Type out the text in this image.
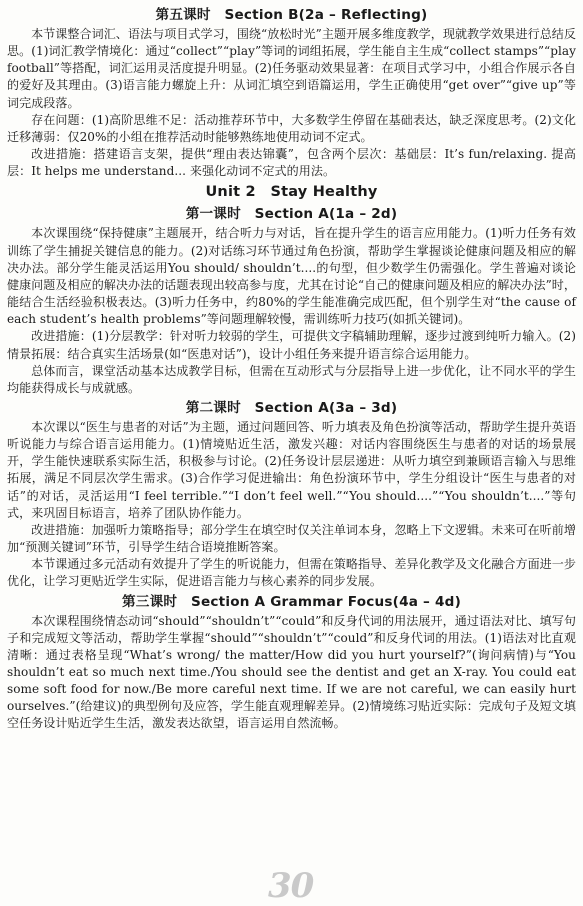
第五课时　Section B(2a – Reflecting)

本节课整合词汇、语法与项目式学习，围绕“放松时光”主题开展多维度教学，现就教学效果进行总结反思。(1)词汇教学情境化：通过“collect”“play”等词的词组拓展，学生能自主生成“collect stamps”“play football”等搭配，词汇运用灵活度提升明显。(2)任务驱动效果显著：在项目式学习中，小组合作展示各自的爱好及其理由。(3)语言能力螺旋上升：从词汇填空到语篇运用，学生正确使用“get over”“give up”等词完成段落。

存在问题：(1)高阶思维不足：活动推荐环节中，大多数学生停留在基础表达，缺乏深度思考。(2)文化迁移薄弱：仅20%的小组在推荐活动时能够熟练地使用动词不定式。

改进措施：搭建语言支架，提供“理由表达锦囊”，包含两个层次：基础层：It’s fun/relaxing. 提高层：It helps me understand... 来强化动词不定式的用法。

Unit 2　Stay Healthy
第一课时　Section A(1a – 2d)

本次课围绕“保持健康”主题展开，结合听力与对话，旨在提升学生的语言应用能力。(1)听力任务有效训练了学生捕捉关键信息的能力。(2)对话练习环节通过角色扮演，帮助学生掌握谈论健康问题及相应的解决办法。部分学生能灵活运用You should/ shouldn’t....的句型，但少数学生仍需强化。学生普遍对谈论健康问题及相应的解决办法的话题表现出较高参与度，尤其在讨论“自己的健康问题及相应的解决办法”时，能结合生活经验积极表达。(3)听力任务中，约80%的学生能准确完成匹配，但个别学生对“the cause of each student’s health problems”等问题理解较慢，需训练听力技巧(如抓关键词)。

改进措施：(1)分层教学：针对听力较弱的学生，可提供文字稿辅助理解，逐步过渡到纯听力输入。(2)情景拓展：结合真实生活场景(如“医患对话”)，设计小组任务来提升语言综合运用能力。

总体而言，课堂活动基本达成教学目标，但需在互动形式与分层指导上进一步优化，让不同水平的学生均能获得成长与成就感。

第二课时　Section A(3a – 3d)

本次课以“医生与患者的对话”为主题，通过问题回答、听力填表及角色扮演等活动，帮助学生提升英语听说能力与综合语言运用能力。(1)情境贴近生活，激发兴趣：对话内容围绕医生与患者的对话的场景展开，学生能快速联系实际生活，积极参与讨论。(2)任务设计层层递进：从听力填空到兼顾语言输入与思维拓展，满足不同层次学生需求。(3)合作学习促进输出：角色扮演环节中，学生分组设计“医生与患者的对话”的对话，灵活运用“I feel terrible.”“I don’t feel well.”“You should....”“You shouldn’t....”等句式，来巩固目标语言，培养了团队协作能力。

改进措施：加强听力策略指导；部分学生在填空时仅关注单词本身，忽略上下文逻辑。未来可在听前增加“预测关键词”环节，引导学生结合语境推断答案。

本节课通过多元活动有效提升了学生的听说能力，但需在策略指导、差异化教学及文化融合方面进一步优化，让学习更贴近学生实际，促进语言能力与核心素养的同步发展。

第三课时　Section A Grammar Focus(4a – 4d)

本次课程围绕情态动词“should”“shouldn’t”“could”和反身代词的用法展开，通过语法对比、填写句子和完成短文等活动，帮助学生掌握“should”“shouldn’t”“could”和反身代词的用法。(1)语法对比直观清晰：通过表格呈现“What’s wrong/ the matter/How did you hurt yourself?”(询问病情)与“You shouldn’t eat so much next time./You should see the dentist and get an X-ray. You could eat some soft food for now./Be more careful next time. If we are not careful, we can easily hurt ourselves.”(给建议)的典型例句及应答，学生能直观理解差异。(2)情境练习贴近实际：完成句子及短文填空任务设计贴近学生生活，激发表达欲望，语言运用自然流畅。

30
